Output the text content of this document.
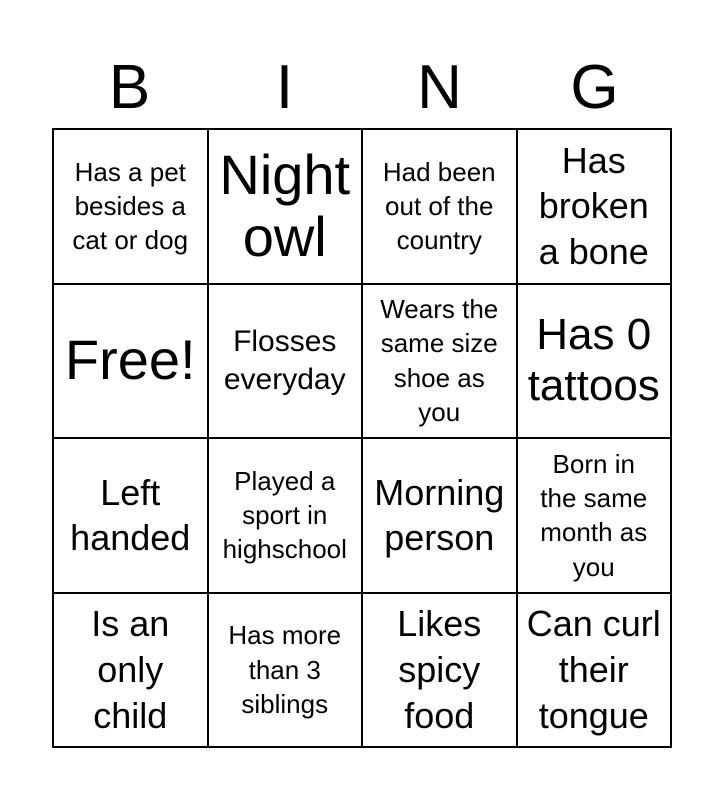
B	I	N	G
Has a pet
besides a
cat or dog
Night
owl
Had been
out of the
country
Has
broken
a bone
Free!	Flosses
everyday
Wears the
same size
shoe as
you
Has 0
tattoos
Left
handed
Played a
sport in
highschool
Morning
person
Born in
the same
month as
you
Is an
only
child
Has more
than 3
siblings
Likes
spicy
food
Can curl
their
tongue
